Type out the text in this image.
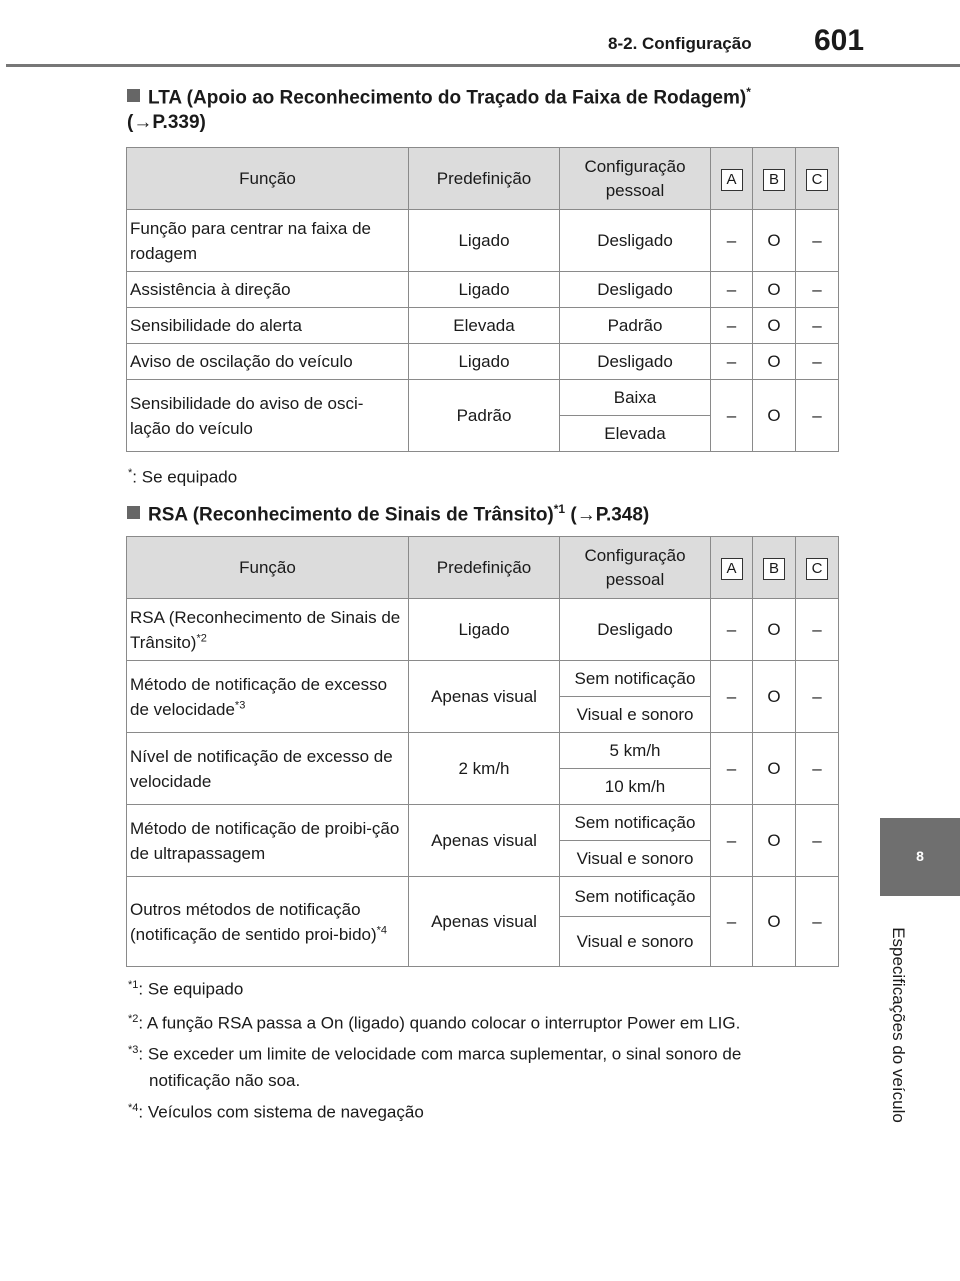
8-2. Configuração 601
8
Especificações do veículo
LTA (Apoio ao Reconhecimento do Traçado da Faixa de Rodagem)*
(→P.339)
Função	Predefinição	Configuração pessoal	A	B	C
Função para centrar na faixa de rodagem	Ligado	Desligado	–	O	–
Assistência à direção	Ligado	Desligado	–	O	–
Sensibilidade do alerta	Elevada	Padrão	–	O	–
Aviso de oscilação do veículo	Ligado	Desligado	–	O	–
Sensibilidade do aviso de osci-lação do veículo	Padrão	Baixa	–	O	–
		Elevada			
*: Se equipado
RSA (Reconhecimento de Sinais de Trânsito)$^{*1}$ (→P.348)
Função	Predefinição	Configuração pessoal	A	B	C
RSA (Reconhecimento de Sinais de Trânsito)$^{*2}$	Ligado	Desligado	–	O	–
Método de notificação de excesso de velocidade$^{*3}$	Apenas visual	Sem notificação	–	O	–
		Visual e sonoro			
Nível de notificação de excesso de velocidade	2 km/h	5 km/h	–	O	–
		10 km/h			
Método de notificação de proibi-ção de ultrapassagem	Apenas visual	Sem notificação	–	O	–
		Visual e sonoro			
Outros métodos de notificação (notificação de sentido proi-bido)$^{*4}$	Apenas visual	Sem notificação	–	O	–
		Visual e sonoro			
$^{*1}$: Se equipado
$^{*2}$: A função RSA passa a On (ligado) quando colocar o interruptor Power em LIG.
$^{*3}$: Se exceder um limite de velocidade com marca suplementar, o sinal sonoro de
notificação não soa.
$^{*4}$: Veículos com sistema de navegação
